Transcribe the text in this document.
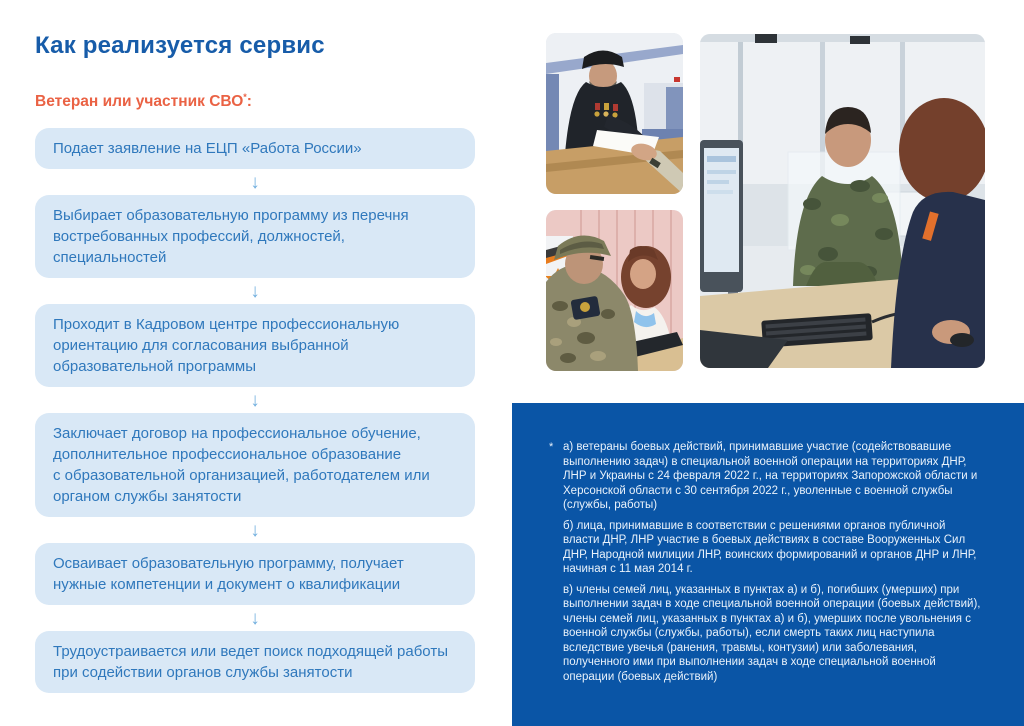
Как реализуется сервис
Ветеран или участник СВО*:
Подает заявление на ЕЦП «Работа России»
↓
Выбирает образовательную программу из перечня востребованных профессий, должностей, специальностей
↓
Проходит в Кадровом центре профессиональную ориентацию для согласования выбранной образовательной программы
↓
Заключает договор на профессиональное обучение, дополнительное профессиональное образование с образовательной организацией, работодателем или органом службы занятости
↓
Осваивает образовательную программу, получает нужные компетенции и документ о квалификации
↓
Трудоустраивается или ведет поиск подходящей работы при содействии органов службы занятости
* а) ветераны боевых действий, принимавшие участие (содействовавшие выполнению задач) в специальной военной операции на территориях ДНР, ЛНР и Украины с 24 февраля 2022 г., на территориях Запорожской области и Херсонской области с 30 сентября 2022 г., уволенные с военной службы (службы, работы)

б) лица, принимавшие в соответствии с решениями органов публичной власти ДНР, ЛНР участие в боевых действиях в составе Вооруженных Сил ДНР, Народной милиции ЛНР, воинских формирований и органов ДНР и ЛНР, начиная с 11 мая 2014 г.

в) члены семей лиц, указанных в пунктах а) и б), погибших (умерших) при выполнении задач в ходе специальной военной операции (боевых действий), члены семей лиц, указанных в пунктах а) и б), умерших после увольнения с военной службы (службы, работы), если смерть таких лиц наступила вследствие увечья (ранения, травмы, контузии) или заболевания, полученного ими при выполнении задач в ходе специальной военной операции (боевых действий)
